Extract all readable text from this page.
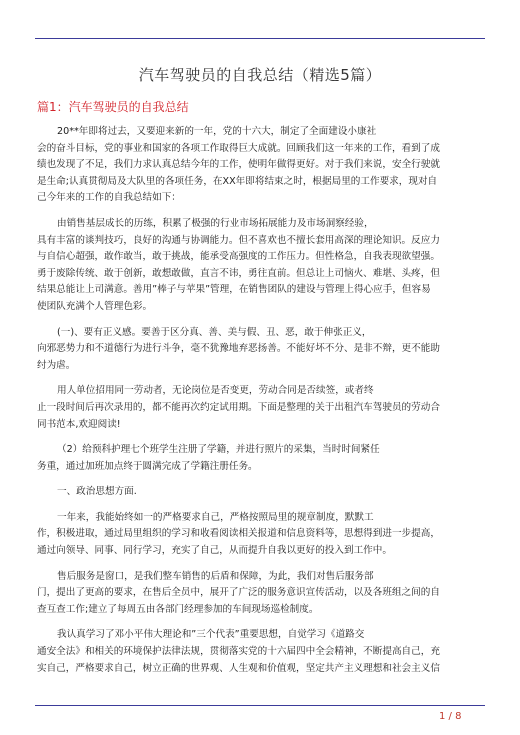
汽车驾驶员的自我总结（精选5篇）
篇1：汽车驾驶员的自我总结
20**年即将过去，又要迎来新的一年，党的十六大，制定了全面建设小康社
会的奋斗目标，党的事业和国家的各项工作取得巨大成就。回顾我们这一年来的工作，看到了成
绩也发现了不足，我们力求认真总结今年的工作，使明年做得更好。对于我们来说，安全行驶就
是生命;认真贯彻局及大队里的各项任务，在XX年即将结束之时，根据局里的工作要求，现对自
己今年来的工作的自我总结如下：
由销售基层成长的历练，积累了极强的行业市场拓展能力及市场洞察经验，
具有丰富的谈判技巧，良好的沟通与协调能力。但不喜欢也不擅长套用高深的理论知识。反应力
与自信心超强，敢作敢当，敢于挑战，能承受高强度的工作压力。但性格急，自我表现欲望强。
勇于废除传统、敢于创新，敢想敢做，直言不讳，勇往直前。但总让上司恼火、难堪、头疼，但
结果总能让上司满意。善用”棒子与苹果”管理，在销售团队的建设与管理上得心应手，但容易
使团队充满个人管理色彩。
(一)、要有正义感。要善于区分真、善、美与假、丑、恶，敢于伸张正义，
向邪恶势力和不道德行为进行斗争，毫不犹豫地弃恶扬善。不能好坏不分、是非不辩，更不能助
纣为虐。
用人单位招用同一劳动者，无论岗位是否变更，劳动合同是否续签，或者终
止一段时间后再次录用的，都不能再次约定试用期。下面是整理的关于出租汽车驾驶员的劳动合
同书范本,欢迎阅读!
（2）给预科护理七个班学生注册了学籍，并进行照片的采集，当时时间紧任
务重，通过加班加点终于圆满完成了学籍注册任务。
一、政治思想方面.
一年来，我能始终如一的严格要求自己，严格按照局里的规章制度，默默工
作，积极进取，通过局里组织的学习和收看阅读相关报道和信息资料等，思想得到进一步提高，
通过向领导、同事、同行学习，充实了自己，从而提升自我以更好的投入到工作中。
售后服务是窗口，是我们整车销售的后盾和保障，为此，我们对售后服务部
门，提出了更高的要求，在售后全员中，展开了广泛的服务意识宣传活动，以及各班组之间的自
查互查工作;建立了每周五由各部门经理参加的车间现场巡检制度。
我认真学习了邓小平伟大理论和”三个代表”重要思想，自觉学习《道路交
通安全法》和相关的环境保护法律法规，贯彻落实党的十六届四中全会精神，不断提高自己，充
实自己，严格要求自己，树立正确的世界观、人生观和价值观，坚定共产主义理想和社会主义信
1 / 8
